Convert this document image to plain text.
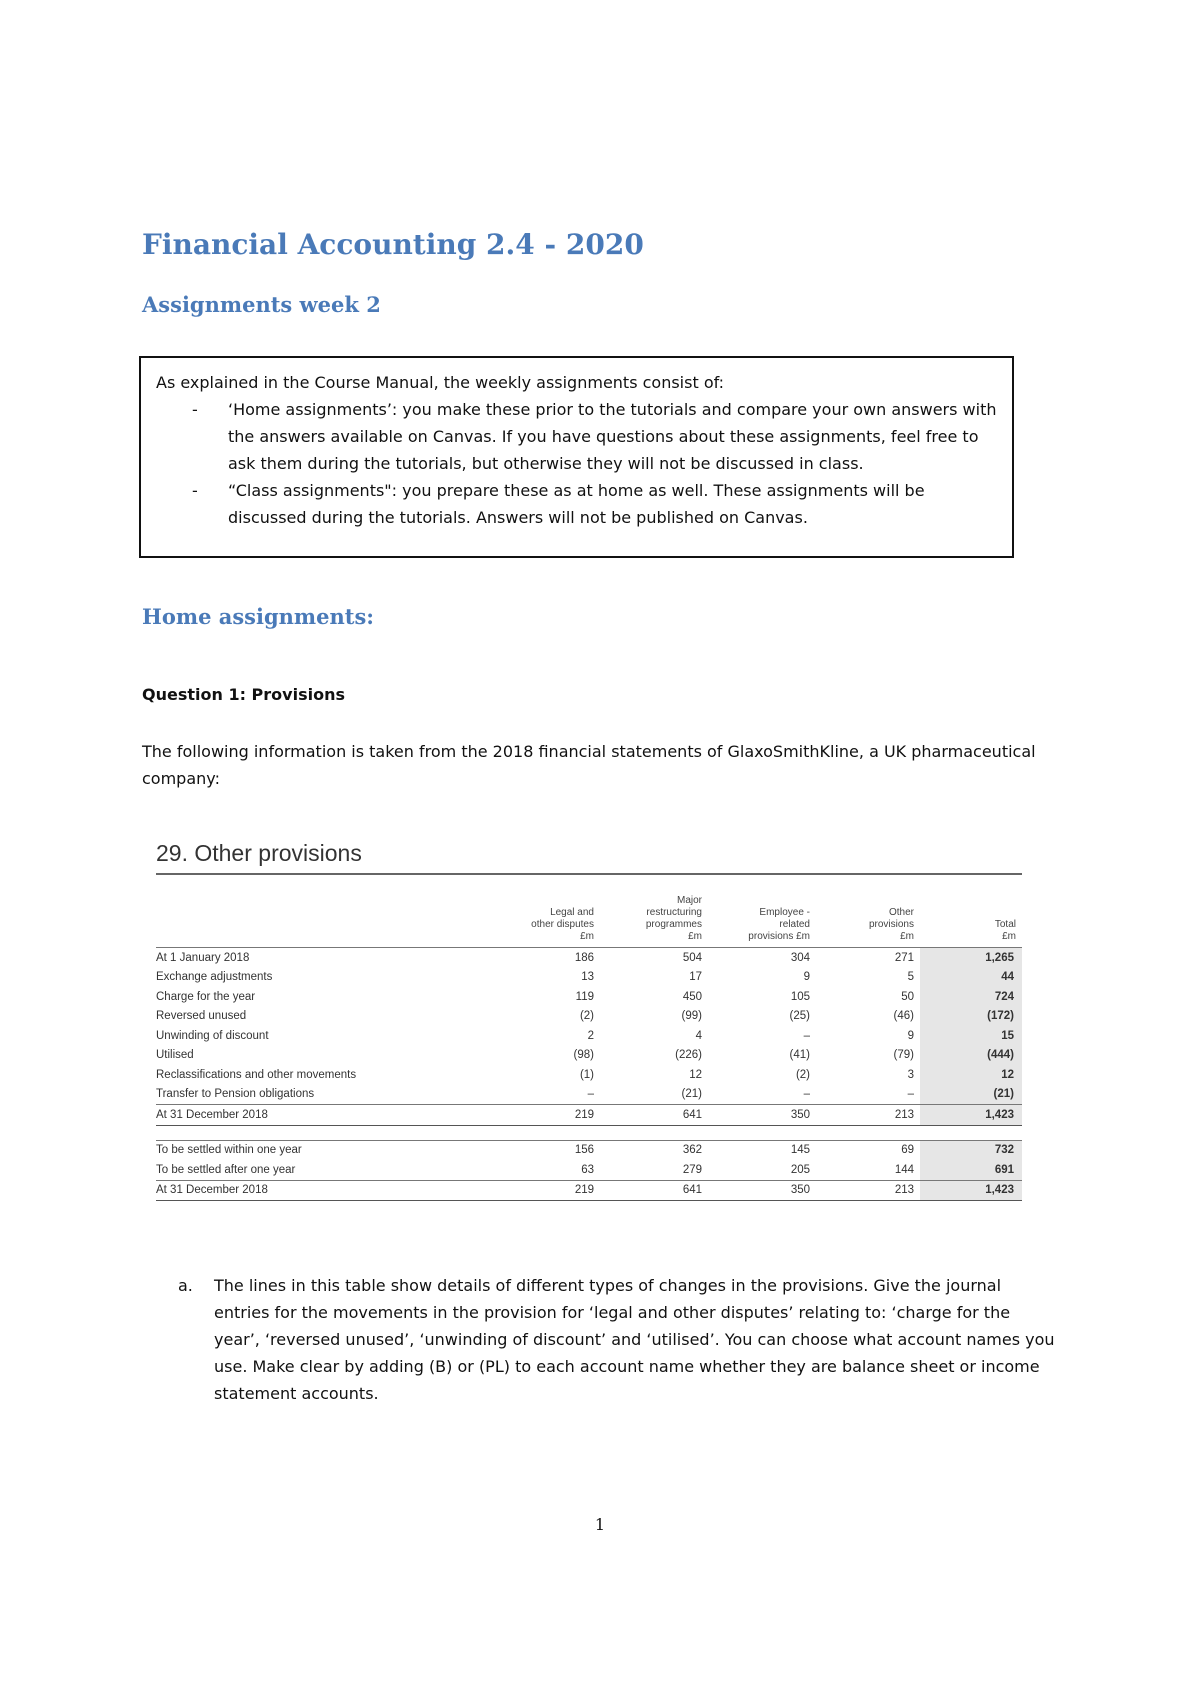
Financial Accounting 2.4 - 2020
Assignments week 2
As explained in the Course Manual, the weekly assignments consist of:
- ‘Home assignments’: you make these prior to the tutorials and compare your own answers with the answers available on Canvas. If you have questions about these assignments, feel free to ask them during the tutorials, but otherwise they will not be discussed in class.
- “Class assignments": you prepare these as at home as well. These assignments will be discussed during the tutorials. Answers will not be published on Canvas.
Home assignments:
Question 1: Provisions
The following information is taken from the 2018 financial statements of GlaxoSmithKline, a UK pharmaceutical company:
29. Other provisions
	Legal and other disputes £m	Major restructuring programmes £m	Employee -related provisions £m	Other provisions £m	Total £m
At 1 January 2018	186	504	304	271	1,265
Exchange adjustments	13	17	9	5	44
Charge for the year	119	450	105	50	724
Reversed unused	(2)	(99)	(25)	(46)	(172)
Unwinding of discount	2	4	–	9	15
Utilised	(98)	(226)	(41)	(79)	(444)
Reclassifications and other movements	(1)	12	(2)	3	12
Transfer to Pension obligations	–	(21)	–	–	(21)
At 31 December 2018	219	641	350	213	1,423

To be settled within one year	156	362	145	69	732
To be settled after one year	63	279	205	144	691
At 31 December 2018	219	641	350	213	1,423
a.	The lines in this table show details of different types of changes in the provisions. Give the journal entries for the movements in the provision for ‘legal and other disputes’ relating to: ‘charge for the year’, ‘reversed unused’, ‘unwinding of discount’ and ‘utilised’. You can choose what account names you use. Make clear by adding (B) or (PL) to each account name whether they are balance sheet or income statement accounts.
1
